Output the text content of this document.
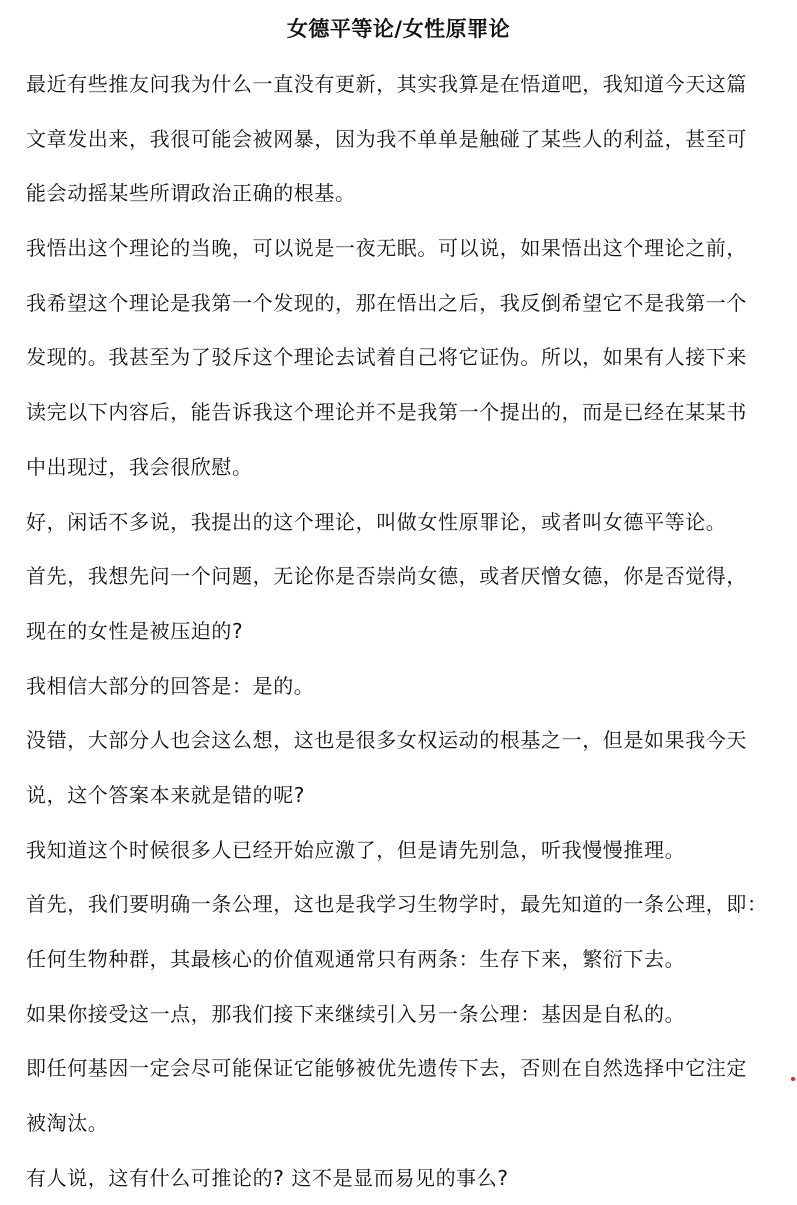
女德平等论/女性原罪论
最近有些推友问我为什么一直没有更新，其实我算是在悟道吧，我知道今天这篇
文章发出来，我很可能会被网暴，因为我不单单是触碰了某些人的利益，甚至可
能会动摇某些所谓政治正确的根基。
我悟出这个理论的当晚，可以说是一夜无眠。可以说，如果悟出这个理论之前，
我希望这个理论是我第一个发现的，那在悟出之后，我反倒希望它不是我第一个
发现的。我甚至为了驳斥这个理论去试着自己将它证伪。所以，如果有人接下来
读完以下内容后，能告诉我这个理论并不是我第一个提出的，而是已经在某某书
中出现过，我会很欣慰。
好，闲话不多说，我提出的这个理论，叫做女性原罪论，或者叫女德平等论。
首先，我想先问一个问题，无论你是否崇尚女德，或者厌憎女德，你是否觉得，
现在的女性是被压迫的?
我相信大部分的回答是：是的。
没错，大部分人也会这么想，这也是很多女权运动的根基之一，但是如果我今天
说，这个答案本来就是错的呢?
我知道这个时候很多人已经开始应激了，但是请先别急，听我慢慢推理。
首先，我们要明确一条公理，这也是我学习生物学时，最先知道的一条公理，即：
任何生物种群，其最核心的价值观通常只有两条：生存下来，繁衍下去。
如果你接受这一点，那我们接下来继续引入另一条公理：基因是自私的。
即任何基因一定会尽可能保证它能够被优先遗传下去，否则在自然选择中它注定
被淘汰。
有人说，这有什么可推论的? 这不是显而易见的事么?
